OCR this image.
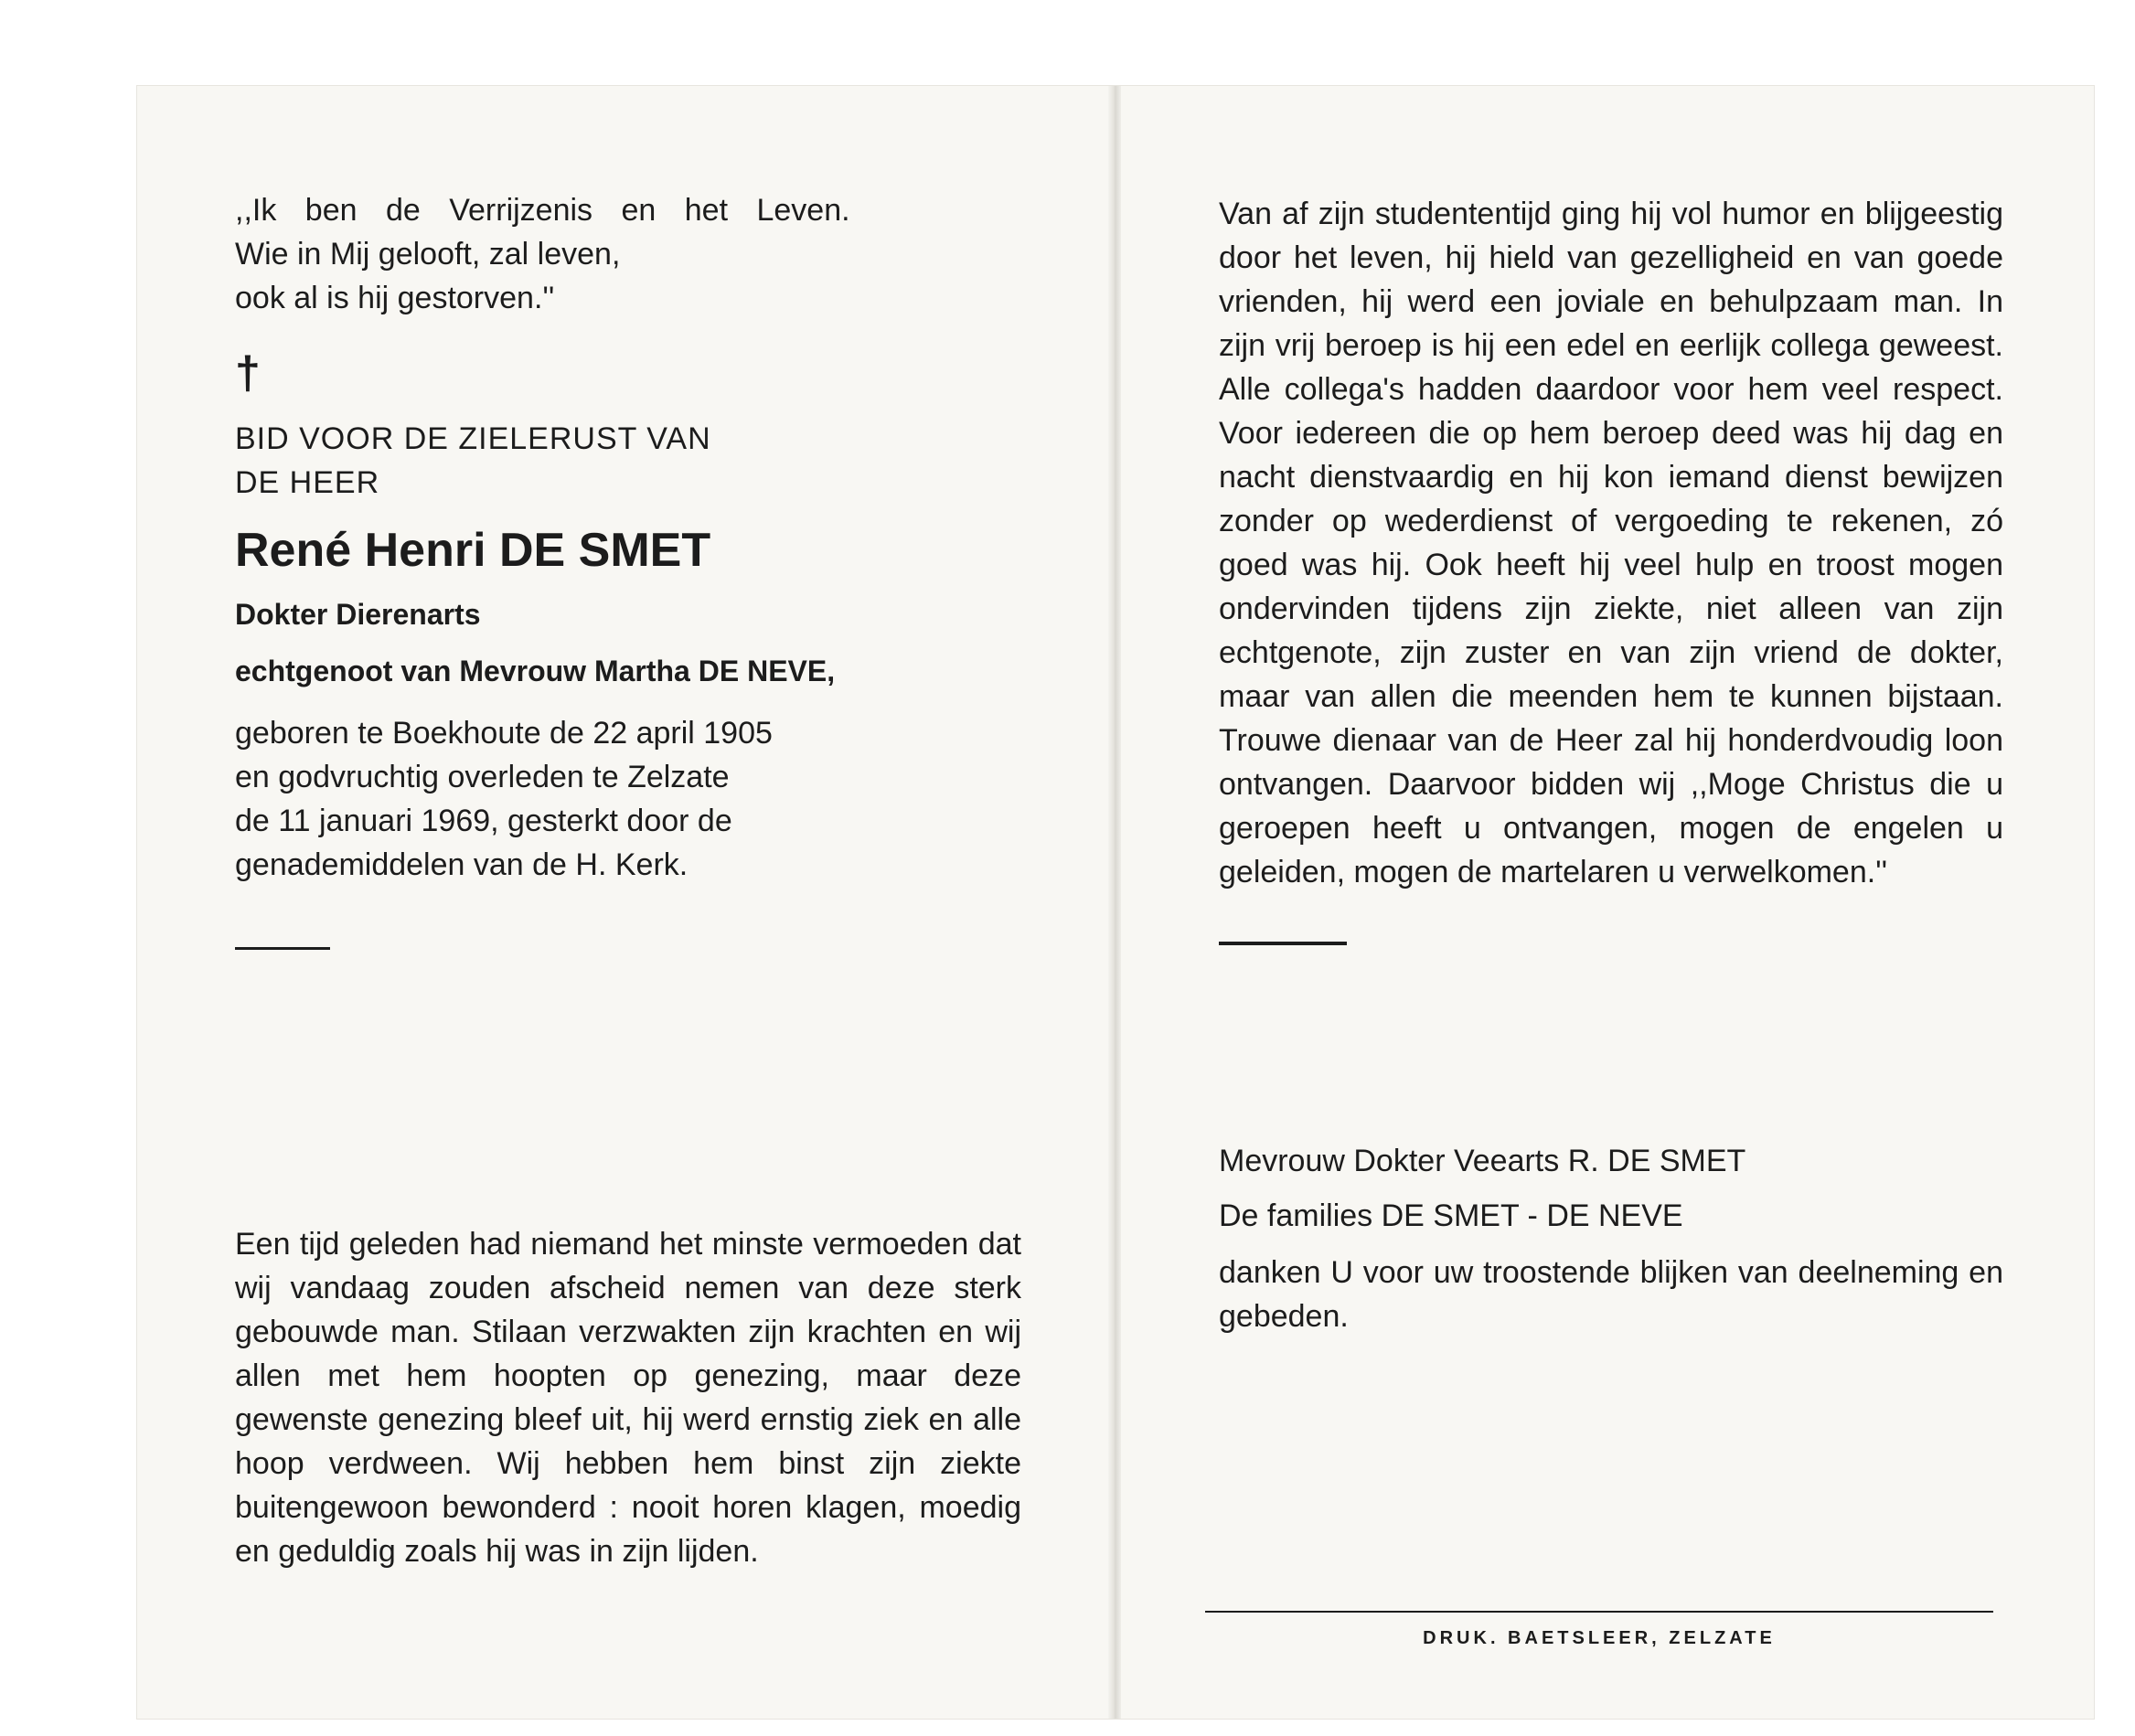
,,Ik ben de Verrijzenis en het Leven.
Wie in Mij gelooft, zal leven,
ook al is hij gestorven.''
†
BID VOOR DE ZIELERUST VAN
DE HEER
René Henri DE SMET
Dokter Dierenarts
echtgenoot van Mevrouw Martha DE NEVE,
geboren te Boekhoute de 22 april 1905
en godvruchtig overleden te Zelzate
de 11 januari 1969, gesterkt door de
genademiddelen van de H. Kerk.
Een tijd geleden had niemand het minste vermoeden dat wij vandaag zouden afscheid nemen van deze sterk gebouwde man. Stilaan verzwakten zijn krachten en wij allen met hem hoopten op genezing, maar deze gewenste genezing bleef uit, hij werd ernstig ziek en alle hoop verdween. Wij hebben hem binst zijn ziekte buitengewoon bewonderd : nooit horen klagen, moedig en geduldig zoals hij was in zijn lijden.
Van af zijn studententijd ging hij vol humor en blijgeestig door het leven, hij hield van gezelligheid en van goede vrienden, hij werd een joviale en behulpzaam man. In zijn vrij beroep is hij een edel en eerlijk collega geweest. Alle collega's hadden daardoor voor hem veel respect. Voor iedereen die op hem beroep deed was hij dag en nacht dienstvaardig en hij kon iemand dienst bewijzen zonder op wederdienst of vergoeding te rekenen, zó goed was hij. Ook heeft hij veel hulp en troost mogen ondervinden tijdens zijn ziekte, niet alleen van zijn echtgenote, zijn zuster en van zijn vriend de dokter, maar van allen die meenden hem te kunnen bijstaan. Trouwe dienaar van de Heer zal hij honderdvoudig loon ontvangen. Daarvoor bidden wij ,,Moge Christus die u geroepen heeft u ontvangen, mogen de engelen u geleiden, mogen de martelaren u verwelkomen.''
Mevrouw Dokter Veearts R. DE SMET
De families DE SMET - DE NEVE
danken U voor uw troostende blijken van deelneming en gebeden.
DRUK. BAETSLEER, ZELZATE
